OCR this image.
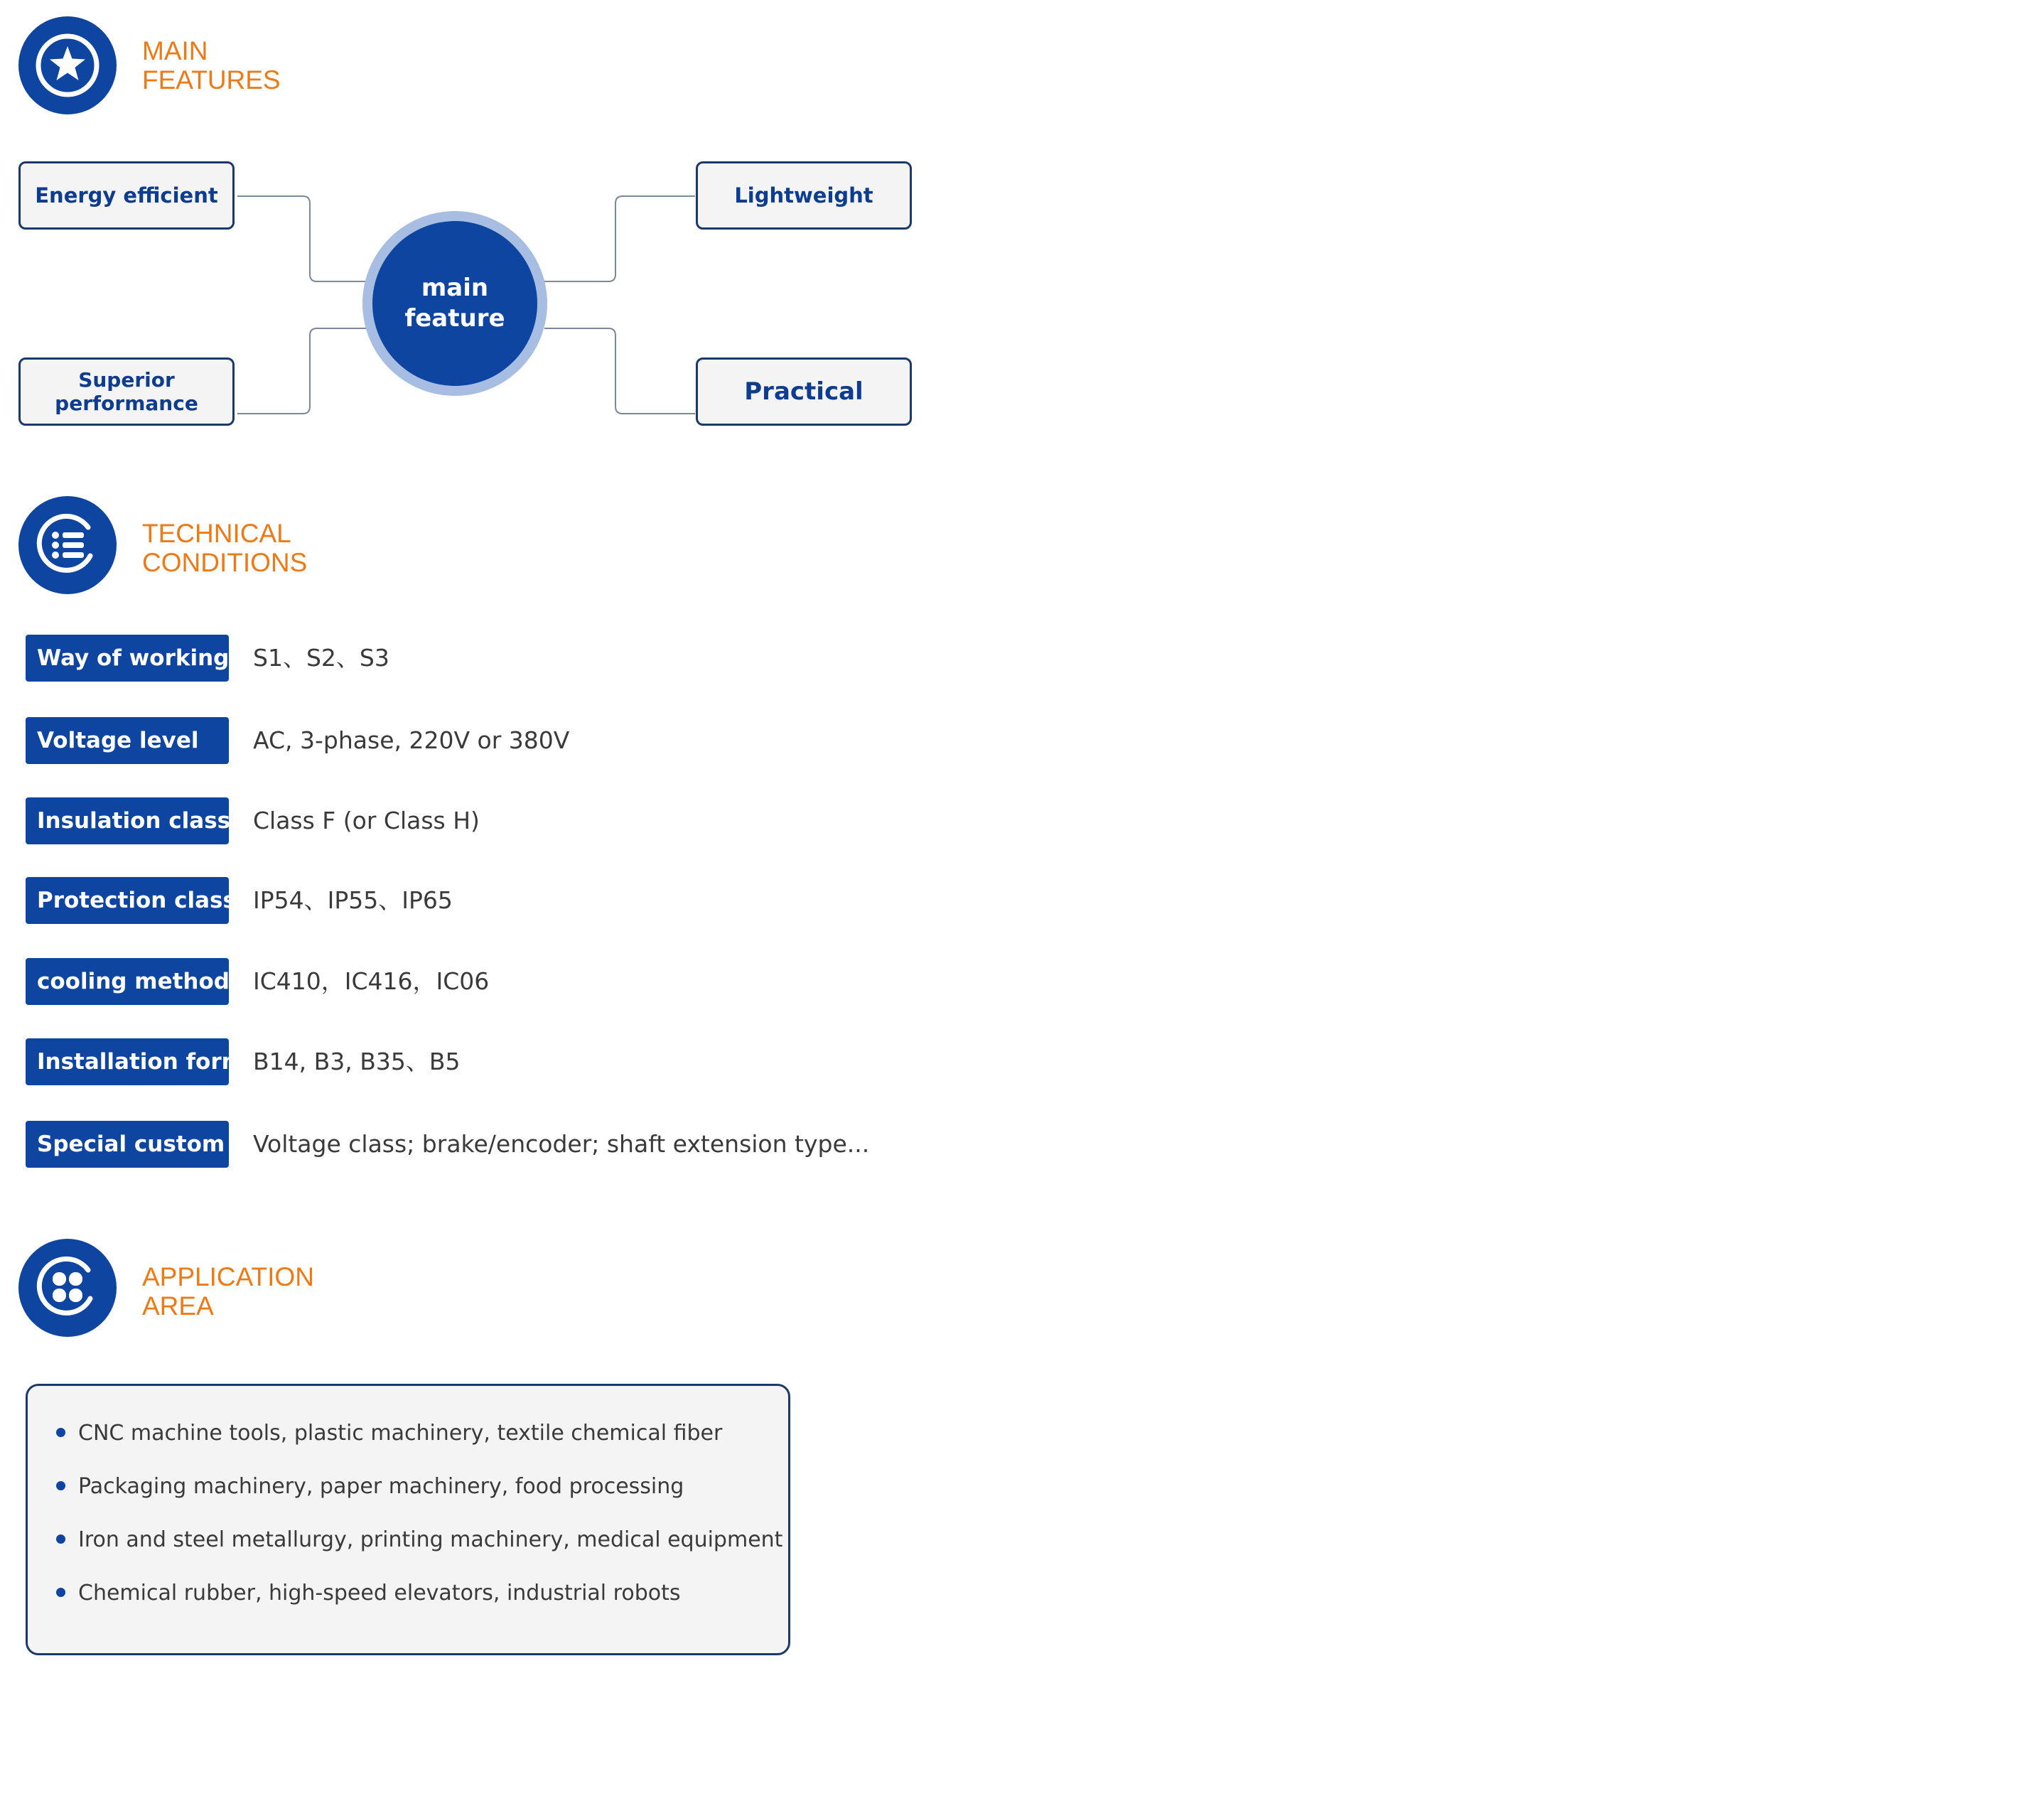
MAIN
FEATURES
Energy efficient
Superior
performance
Lightweight
Practical
main
feature
TECHNICAL
CONDITIONS
Way of working S1、S2、S3
Voltage level	AC, 3-phase, 220V or 380V
Insulation class Class F (or Class H)
Protection class IP54、IP55、IP65
cooling method IC410，IC416，IC06
Installation form B14, B3, B35、B5
Special custom Voltage class; brake/encoder; shaft extension type...
APPLICATION
AREA
CNC machine tools, plastic machinery, textile chemical fiber
Packaging machinery, paper machinery, food processing
Iron and steel metallurgy, printing machinery, medical equipment
Chemical rubber, high-speed elevators, industrial robots
